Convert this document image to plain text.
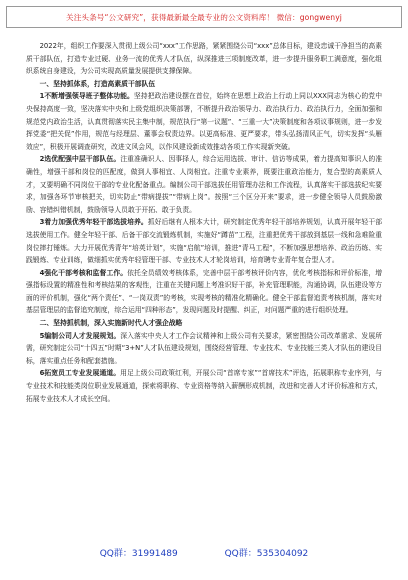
关注头条号“公文研究”，获得最新最全最专业的公文资料库！ 微信：gongwenyj

2022年，组织工作要深入贯彻上级公司“xxx”工作思路，紧紧围绕公司“xxx”总体目标，建设忠诚干净担当的高素质干部队伍，打造专业过硬、业务一流的优秀人才队伍，纵深推进三项制度改革，进一步提升服务职工满意度，强化组织系统自身建设，为公司实现高质量发展提供支撑保障。

一、坚持抓体系，打造高素质干部队伍

1不断增强领导班子整体功能。坚持把政治建设摆在首位，始终在思想上政治上行动上同以XXX同志为核心的党中央保持高度一致，坚决落实中央和上级党组织决策部署，不断提升政治领导力、政治执行力、政治执行力，全面加强和规范党内政治生活，认真贯彻落实民主集中制，规范执行“第一议题”、“三重一大”决策制度和各项议事规则，进一步发挥党委“把关促”作用，规范与经理层、董事会权责边界。以更高标准、更严要求，带头弘扬清风正气，切实发挥“头雁效应”，积极开展调查研究，改进文风会风，以作风建设新成效推动各项工作实现新突破。

2选优配强中层干部队伍。注重准确识人、因事择人，综合运用选拔、审计、信访等成果，着力提高知事识人的准确性，增强干部和岗位的匹配度，做到人事相宜、人岗相宜。注重专业素养，既要注重政治能力，复合型的高素质人才，又要明确不同岗位干部的专业化配备重点。编制公司干部选拔任用管理办法和工作流程，认真落实干部选拔纪实要求，加强各环节审核把关，切实防止“带病提拔”“带病上岗”。按照“三个区分开来”要求，进一步健全领导人员鼓励激励、容错纠错机制，鼓励领导人员敢于开拓、敢于负责。

3着力加强优秀年轻干部选拔培养。抓好后继有人根本大计，研究制定优秀年轻干部培养规划，认真开展年轻干部选拔使用工作。健全年轻干部、后备干部交流锻炼机制，实施好“蹲苗”工程，注重把优秀干部放到基层一线和急难险重岗位摔打锤炼。大力开展优秀青年“培英计划”，实施“启航”培训，推进“青马工程”，不断加强思想培养、政治历练、实践锻炼、专业训练，做细抓实优秀年轻管理干部、专业技术人才轮岗培训，培育聘专业青年复合型人才。

4强化干部考核和监督工作。依托全员绩效考核体系，完善中层干部考核评价内容，优化考核指标和评价标准，增强指标设置的精准性和考核结果的客观性，注重在关键问题上考准识好干部，补充管理职能，沟通协调，队伍建设等方面的评价机制，强化“两个责任”、“一岗双责”的考核，实现考核的精准化精确化。健全干部监督追责考核机制，落实对基层管理层的监督追究制度，综合运用“四种形态”，发现问题及时提醒、纠正，对问题严重的进行组织处理。

二、坚持抓机制，深入实施新时代人才强企战略

5编制公司人才发展规划。深入落实中央人才工作会议精神和上级公司有关要求，紧密围绕公司改革需求、发展所需，研究制定公司“十四五”时期“3+N”人才队伍建设规划，围绕经营管理、专业技术、专业技能三类人才队伍的建设目标，落实重点任务和配套措施。

6拓宽员工专业发展通道。用足上级公司政策红利，开展公司“首席专家”“首席技术”评选，拓展职称专业序列，与专业技术和技能类岗位职业发展通道，探索将职称、专业资格等纳入薪酬形成机制，改进和完善人才评价标准和方式，拓展专业技术人才成长空间。

QQ群：31991489	QQ群：535304092
